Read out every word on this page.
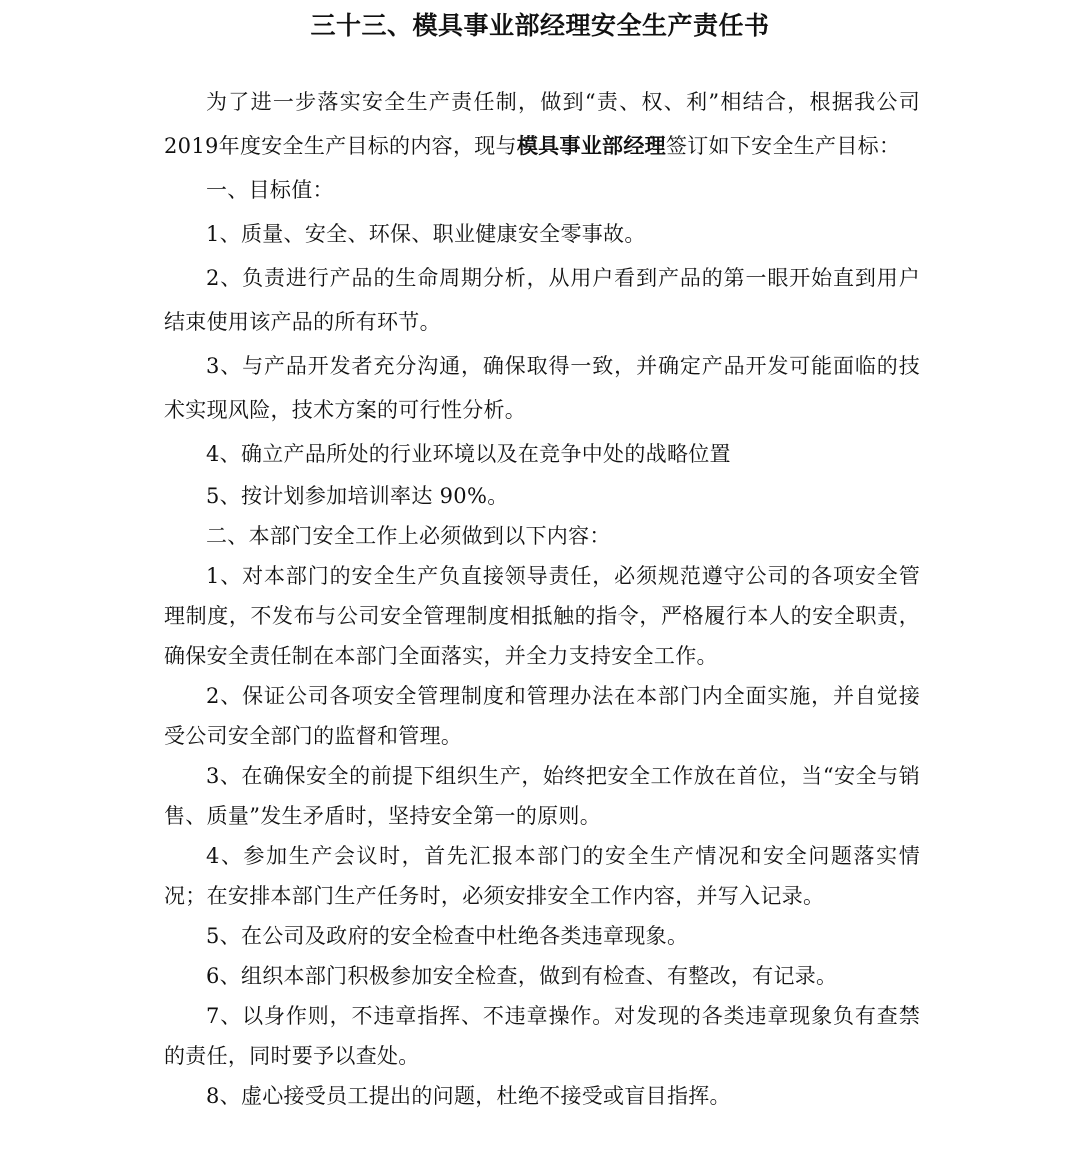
三十三、模具事业部经理安全生产责任书

为了进一步落实安全生产责任制，做到“责、权、利”相结合，根据我公司2019年度安全生产目标的内容，现与模具事业部经理签订如下安全生产目标：

一、目标值：

1、质量、安全、环保、职业健康安全零事故。

2、负责进行产品的生命周期分析，从用户看到产品的第一眼开始直到用户结束使用该产品的所有环节。

3、与产品开发者充分沟通，确保取得一致，并确定产品开发可能面临的技术实现风险，技术方案的可行性分析。

4、确立产品所处的行业环境以及在竞争中处的战略位置

5、按计划参加培训率达 90%。

二、本部门安全工作上必须做到以下内容：

1、对本部门的安全生产负直接领导责任，必须规范遵守公司的各项安全管理制度，不发布与公司安全管理制度相抵触的指令，严格履行本人的安全职责，确保安全责任制在本部门全面落实，并全力支持安全工作。

2、保证公司各项安全管理制度和管理办法在本部门内全面实施，并自觉接受公司安全部门的监督和管理。

3、在确保安全的前提下组织生产，始终把安全工作放在首位，当“安全与销售、质量”发生矛盾时，坚持安全第一的原则。

4、参加生产会议时，首先汇报本部门的安全生产情况和安全问题落实情况；在安排本部门生产任务时，必须安排安全工作内容，并写入记录。

5、在公司及政府的安全检查中杜绝各类违章现象。

6、组织本部门积极参加安全检查，做到有检查、有整改，有记录。

7、以身作则，不违章指挥、不违章操作。对发现的各类违章现象负有查禁的责任，同时要予以查处。

8、虚心接受员工提出的问题，杜绝不接受或盲目指挥。
